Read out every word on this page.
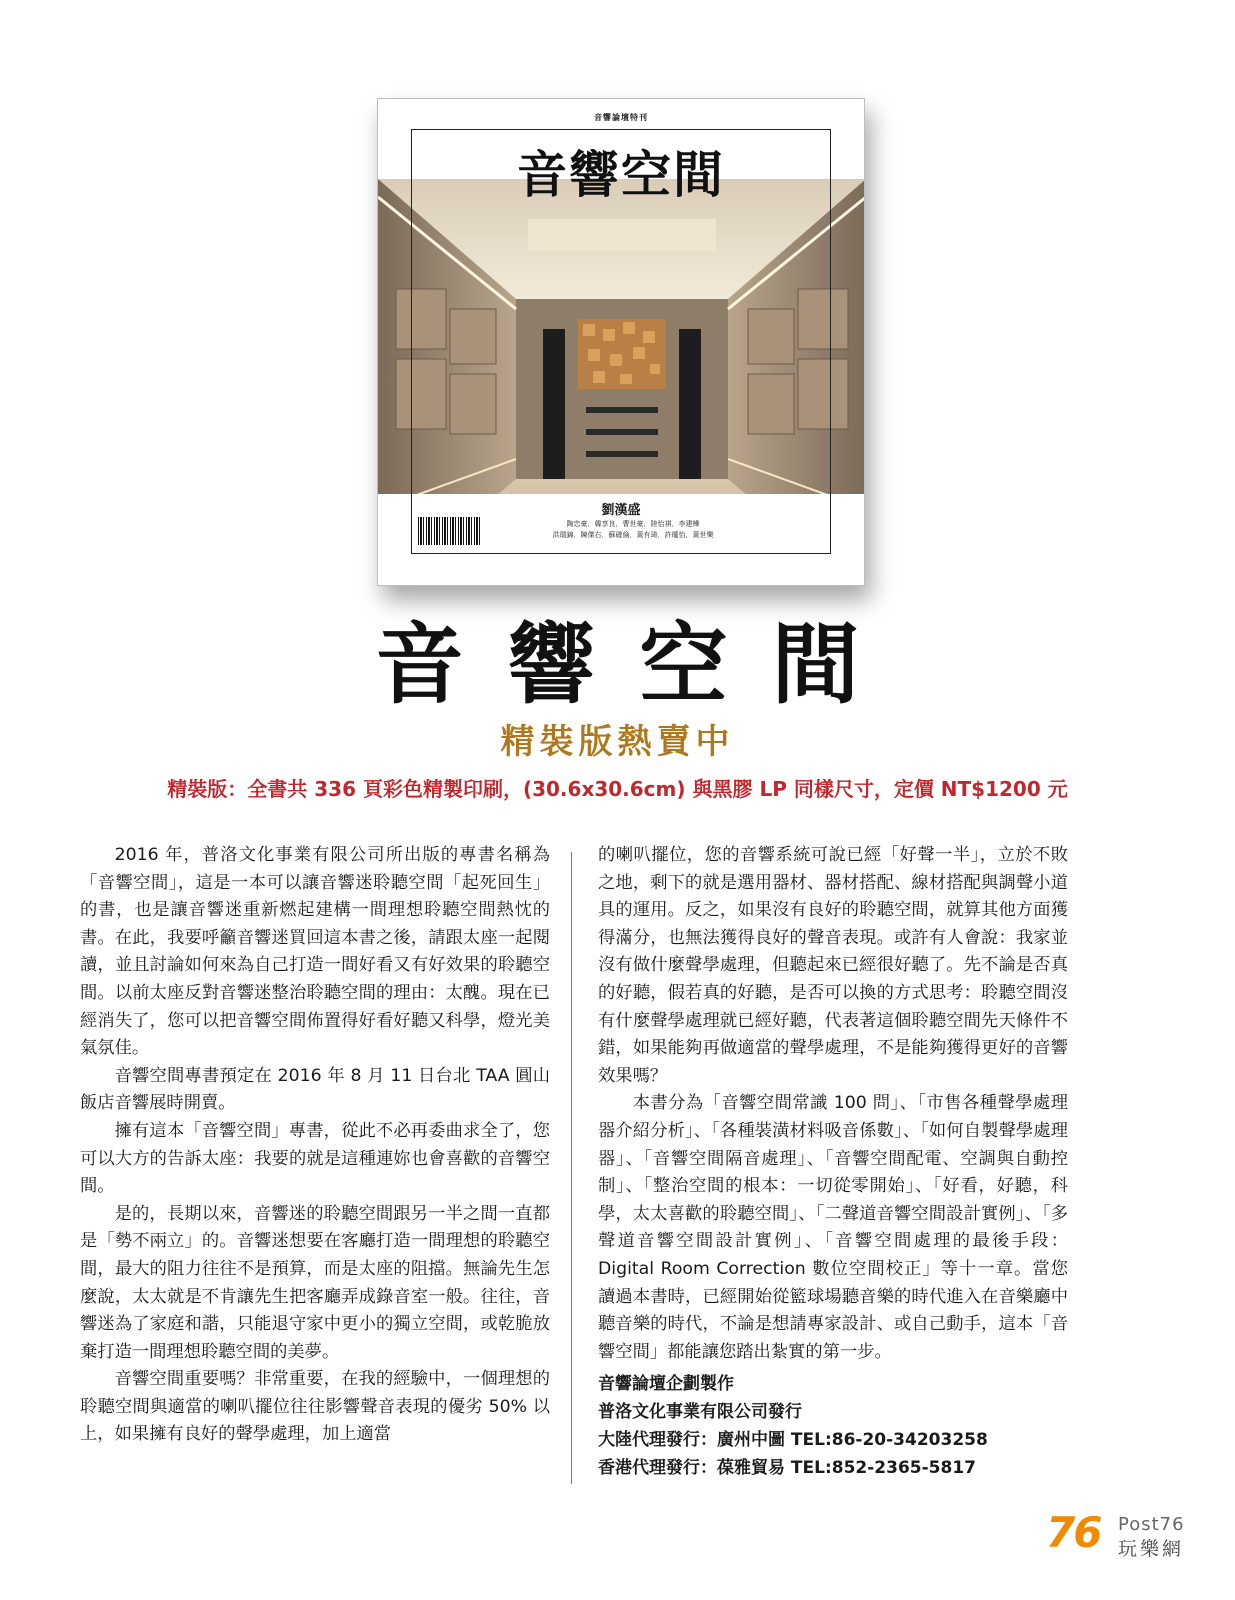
音響論壇特刊
音響空間
劉漢盛
陶忠豪．韓享良．曹世豪．陸怡祺．李建樺
洪瑞錦．陳傑右．蘇確倫．黃有琦．許瓏怡．黃世樂
音響空間
精裝版熱賣中
精裝版：全書共 336 頁彩色精製印刷，(30.6x30.6cm) 與黑膠 LP 同樣尺寸，定價 NT$1200 元

2016 年，普洛文化事業有限公司所出版的專書名稱為「音響空間」，這是一本可以讓音響迷聆聽空間「起死回生」的書，也是讓音響迷重新燃起建構一間理想聆聽空間熱忱的書。在此，我要呼籲音響迷買回這本書之後，請跟太座一起閱讀，並且討論如何來為自己打造一間好看又有好效果的聆聽空間。以前太座反對音響迷整治聆聽空間的理由：太醜。現在已經消失了，您可以把音響空間佈置得好看好聽又科學，燈光美氣氛佳。

音響空間專書預定在 2016 年 8 月 11 日台北 TAA 圓山飯店音響展時開賣。

擁有這本「音響空間」專書，從此不必再委曲求全了，您可以大方的告訴太座：我要的就是這種連妳也會喜歡的音響空間。

是的，長期以來，音響迷的聆聽空間跟另一半之間一直都是「勢不兩立」的。音響迷想要在客廳打造一間理想的聆聽空間，最大的阻力往往不是預算，而是太座的阻擋。無論先生怎麼說，太太就是不肯讓先生把客廳弄成錄音室一般。往往，音響迷為了家庭和諧，只能退守家中更小的獨立空間，或乾脆放棄打造一間理想聆聽空間的美夢。

音響空間重要嗎？非常重要，在我的經驗中，一個理想的聆聽空間與適當的喇叭擺位往往影響聲音表現的優劣 50% 以上，如果擁有良好的聲學處理，加上適當

的喇叭擺位，您的音響系統可說已經「好聲一半」，立於不敗之地，剩下的就是選用器材、器材搭配、線材搭配與調聲小道具的運用。反之，如果沒有良好的聆聽空間，就算其他方面獲得滿分，也無法獲得良好的聲音表現。或許有人會說：我家並沒有做什麼聲學處理，但聽起來已經很好聽了。先不論是否真的好聽，假若真的好聽，是否可以換的方式思考：聆聽空間沒有什麼聲學處理就已經好聽，代表著這個聆聽空間先天條件不錯，如果能夠再做適當的聲學處理，不是能夠獲得更好的音響效果嗎？

本書分為「音響空間常識 100 問」、「市售各種聲學處理器介紹分析」、「各種裝潢材料吸音係數」、「如何自製聲學處理器」、「音響空間隔音處理」、「音響空間配電、空調與自動控制」、「整治空間的根本：一切從零開始」、「好看，好聽，科學，太太喜歡的聆聽空間」、「二聲道音響空間設計實例」、「多聲道音響空間設計實例」、「音響空間處理的最後手段：Digital Room Correction 數位空間校正」等十一章。當您讀過本書時，已經開始從籃球場聽音樂的時代進入在音樂廳中聽音樂的時代，不論是想請專家設計、或自己動手，這本「音響空間」都能讓您踏出紮實的第一步。

音響論壇企劃製作
普洛文化事業有限公司發行
大陸代理發行：廣州中圖 TEL:86-20-34203258
香港代理發行：葆雅貿易 TEL:852-2365-5817
76 Post76
玩樂網
